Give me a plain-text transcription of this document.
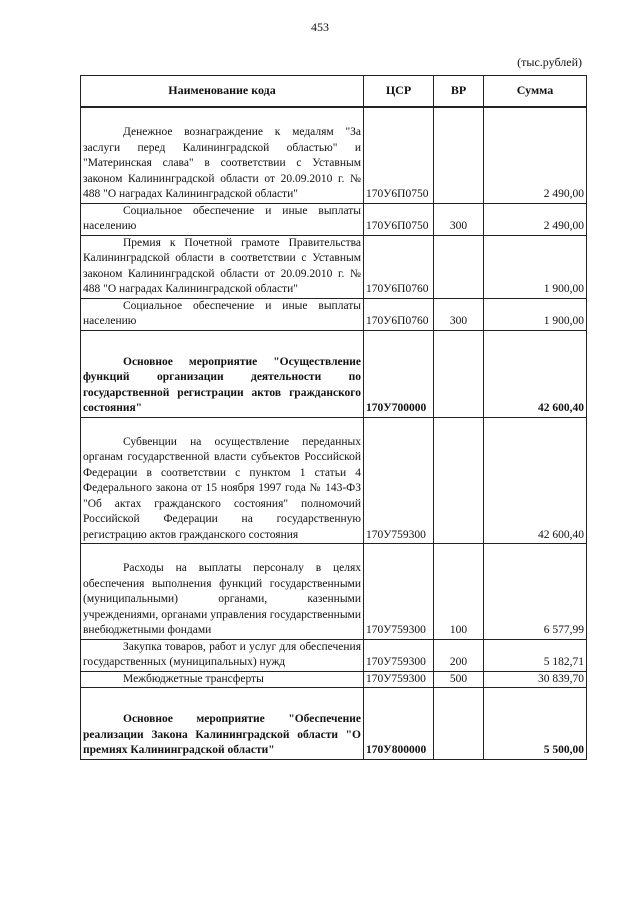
453
(тыс.рублей)
Наименование кода	ЦСР	ВР	Сумма
Денежное вознаграждение к медалям "За заслуги перед Калининградской областью" и "Материнская слава" в соответствии с Уставным законом Калининградской области от 20.09.2010 г. № 488 "О наградах Калининградской области"	170У6П0750		2 490,00
Социальное обеспечение и иные выплаты населению	170У6П0750	300	2 490,00
Премия к Почетной грамоте Правительства Калининградской области в соответствии с Уставным законом Калининградской области от 20.09.2010 г. № 488 "О наградах Калининградской области"	170У6П0760		1 900,00
Социальное обеспечение и иные выплаты населению	170У6П0760	300	1 900,00
Основное мероприятие "Осуществление функций организации деятельности по государственной регистрации актов гражданского состояния"	170У700000		42 600,40
Субвенции на осуществление переданных органам государственной власти субъектов Российской Федерации в соответствии с пунктом 1 статьи 4 Федерального закона от 15 ноября 1997 года № 143-ФЗ "Об актах гражданского состояния" полномочий Российской Федерации на государственную регистрацию актов гражданского состояния	170У759300		42 600,40
Расходы на выплаты персоналу в целях обеспечения выполнения функций государственными (муниципальными) органами, казенными учреждениями, органами управления государственными внебюджетными фондами	170У759300	100	6 577,99
Закупка товаров, работ и услуг для обеспечения государственных (муниципальных) нужд	170У759300	200	5 182,71
Межбюджетные трансферты	170У759300	500	30 839,70
Основное мероприятие "Обеспечение реализации Закона Калининградской области "О премиях Калининградской области"	170У800000		5 500,00
